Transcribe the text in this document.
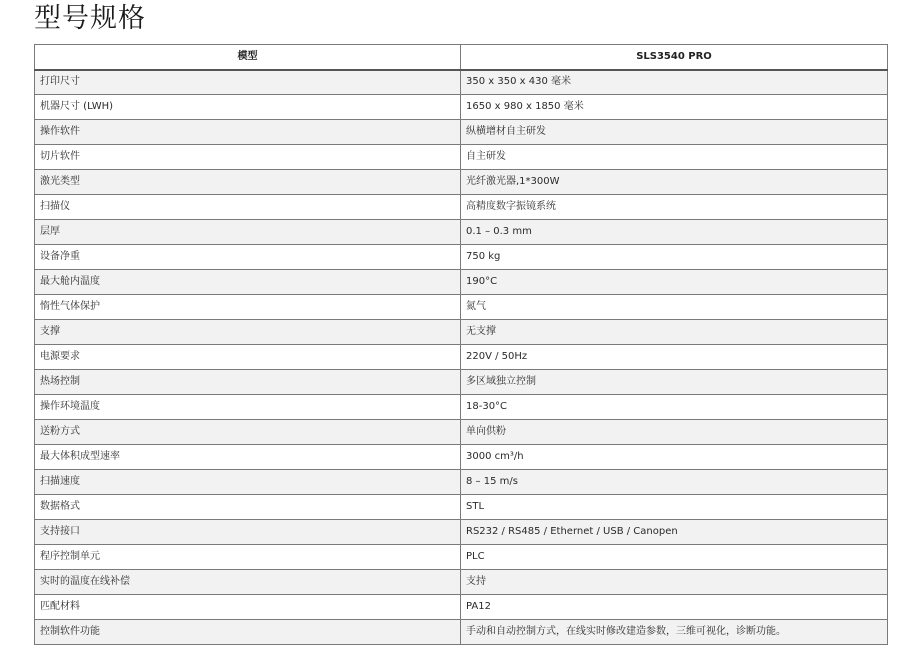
型号规格
模型	SLS3540 PRO
打印尺寸	350 x 350 x 430 毫米
机器尺寸 (LWH)	1650 x 980 x 1850 毫米
操作软件	纵横增材自主研发
切片软件	自主研发
激光类型	光纤激光器,1*300W
扫描仪	高精度数字振镜系统
层厚	0.1 – 0.3 mm
设备净重	750 kg
最大舱内温度	190°C
惰性气体保护	氮气
支撑	无支撑
电源要求	220V / 50Hz
热场控制	多区域独立控制
操作环境温度	18-30°C
送粉方式	单向供粉
最大体积成型速率	3000 cm³/h
扫描速度	8 – 15 m/s
数据格式	STL
支持接口	RS232 / RS485 / Ethernet / USB / Canopen
程序控制单元	PLC
实时的温度在线补偿	支持
匹配材料	PA12
控制软件功能	手动和自动控制方式，在线实时修改建造参数，三维可视化，诊断功能。
